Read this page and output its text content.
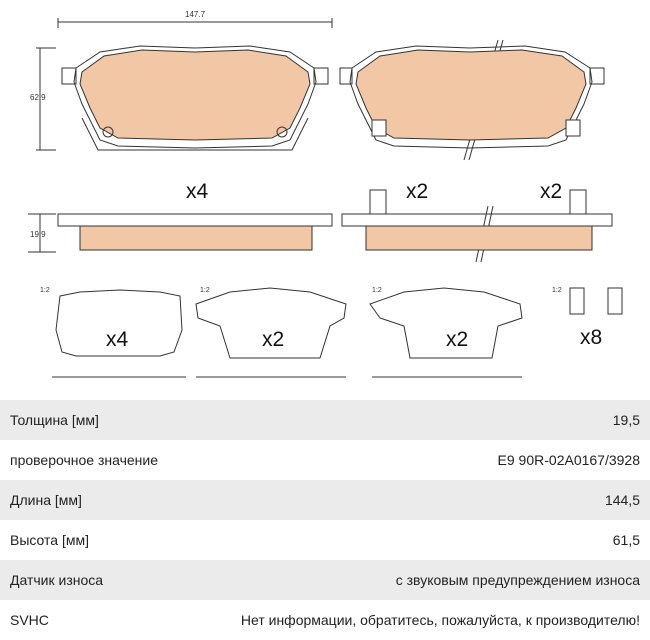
147.7
62.9
19.9
x4	x2	x2
1:2	1:2	1:2	1:2
x4	x2	x2	x8
Толщина [мм]	19,5
проверочное значение	E9 90R-02A0167/3928
Длина [мм]	144,5
Высота [мм]	61,5
Датчик износа	с звуковым предупреждением износа
SVHC	Нет информации, обратитесь, пожалуйста, к производителю!
